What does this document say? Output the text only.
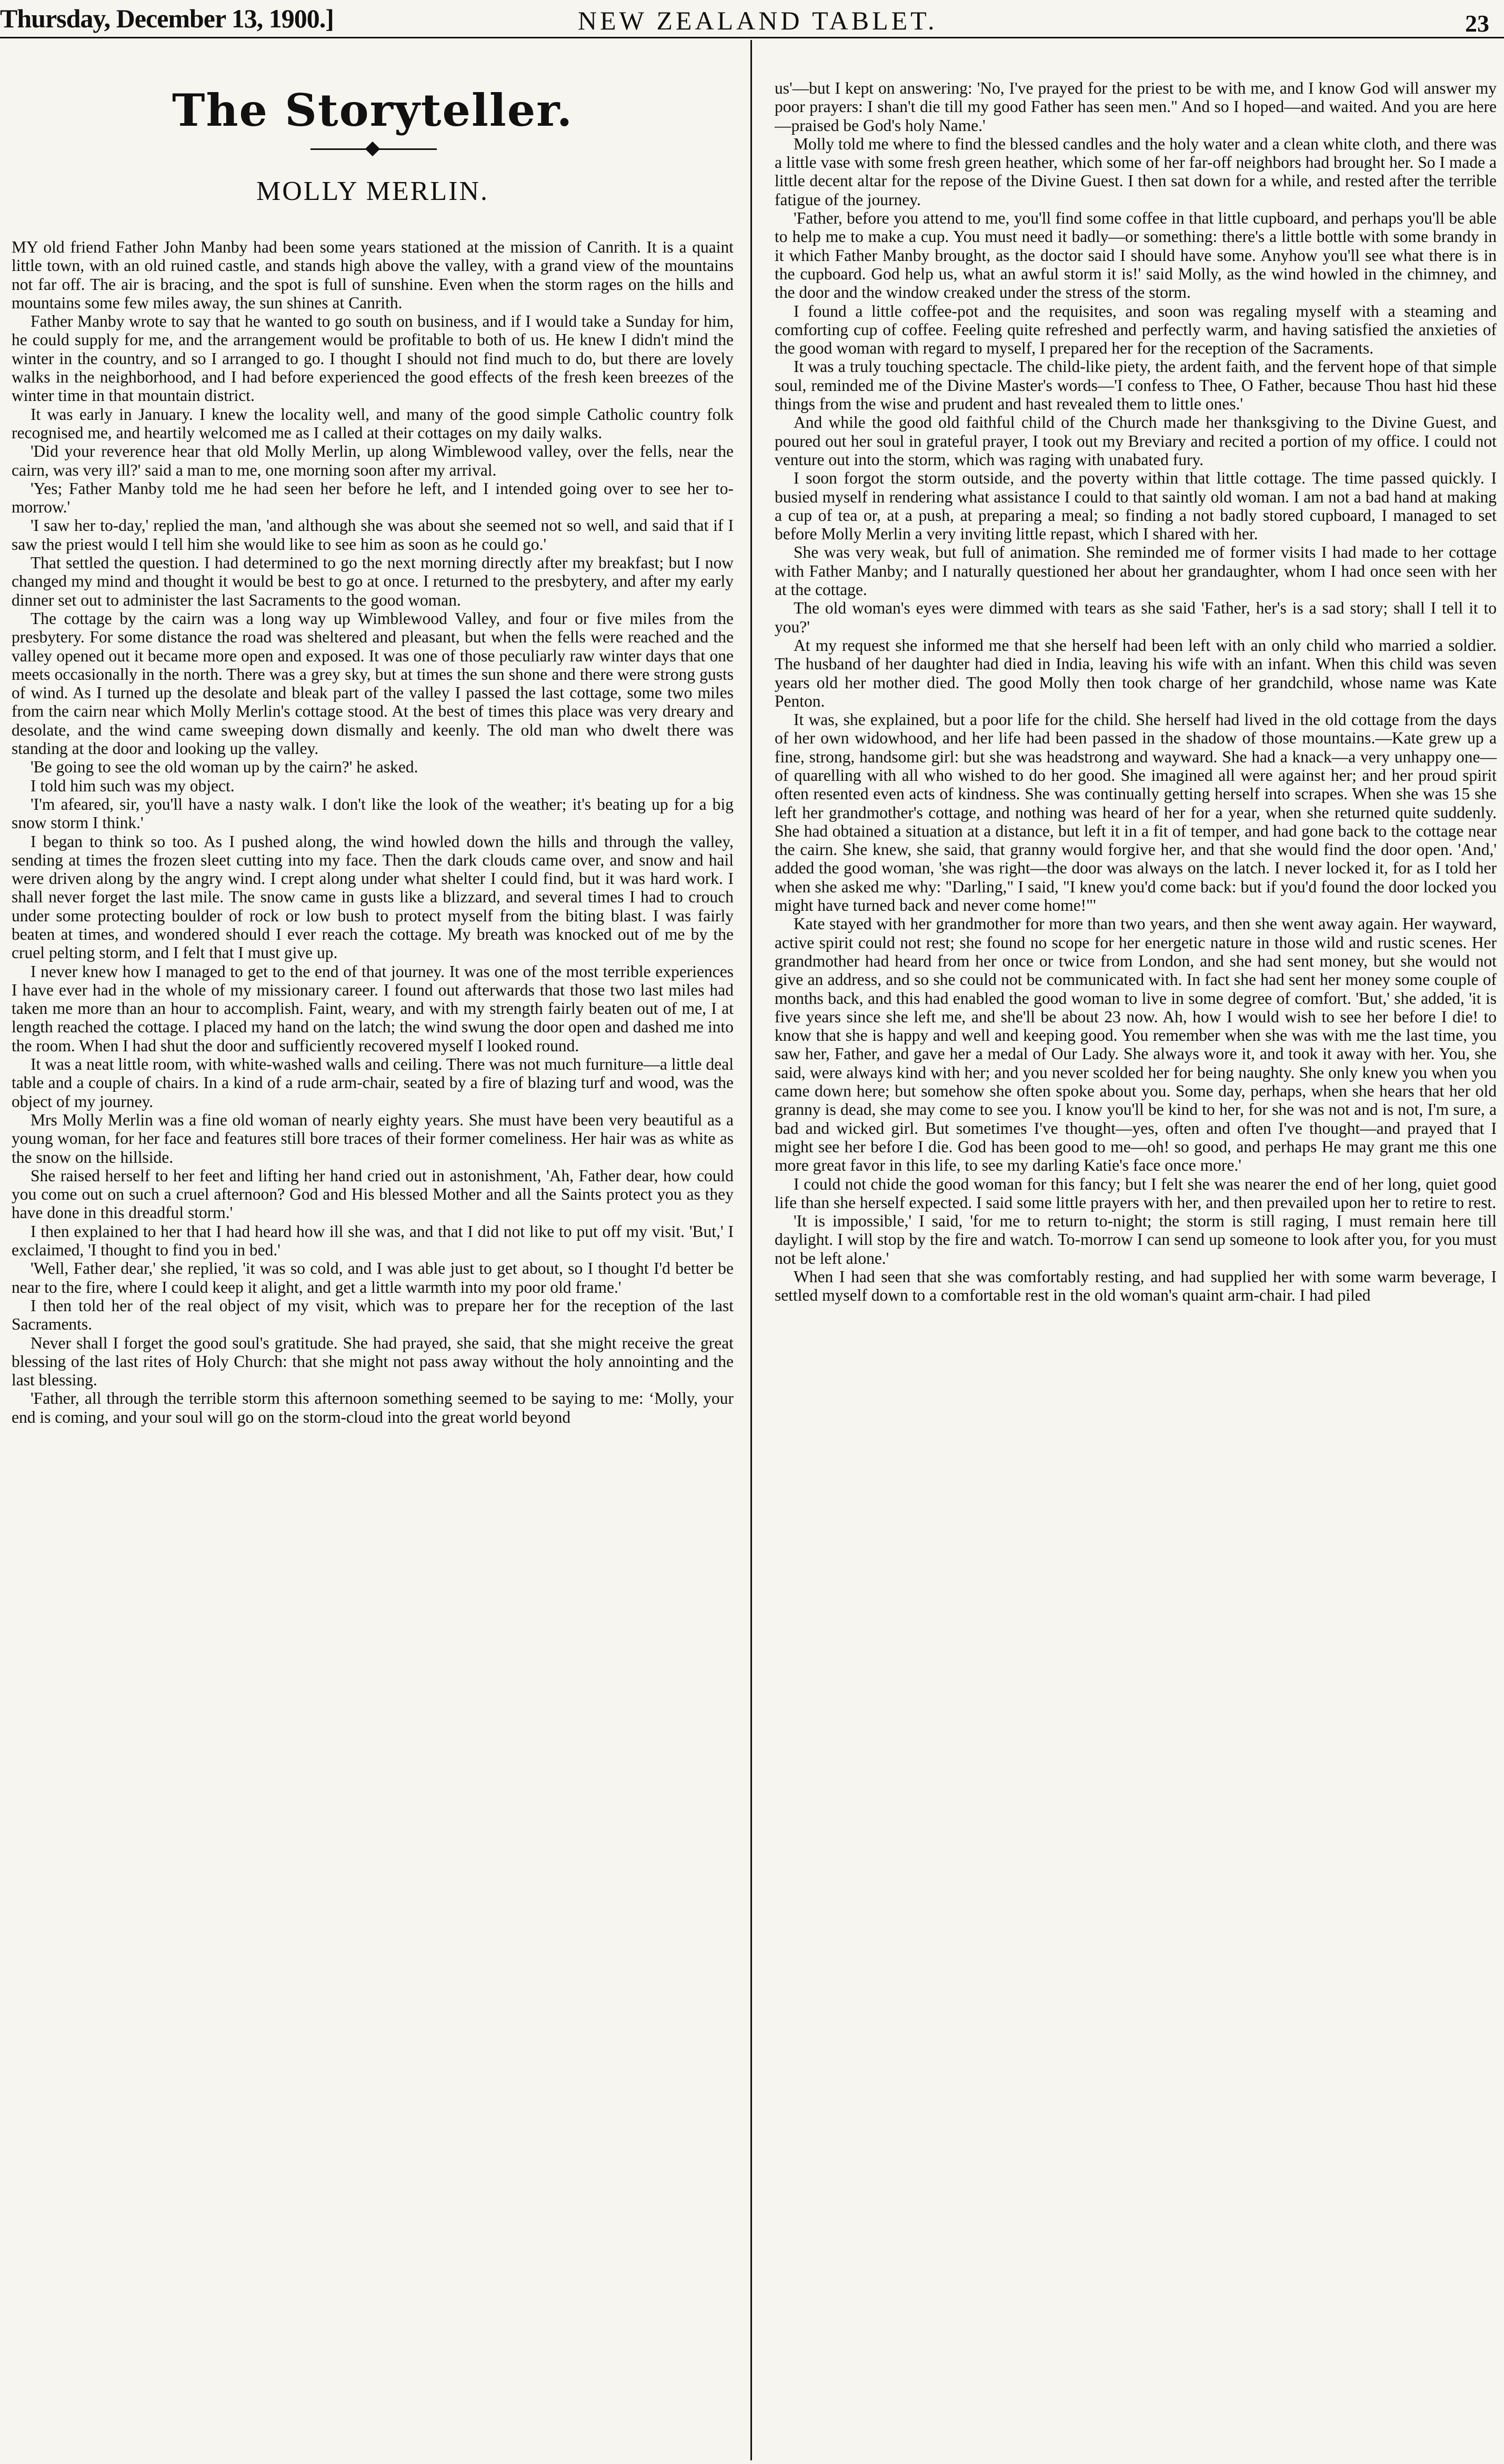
Thursday, December 13, 1900.]	NEW ZEALAND TABLET.	23
The Storyteller.
MOLLY MERLIN.

MY old friend Father John Manby had been some years stationed at the mission of Canrith. It is a quaint little town, with an old ruined castle, and stands high above the valley, with a grand view of the mountains not far off. The air is bracing, and the spot is full of sunshine. Even when the storm rages on the hills and mountains some few miles away, the sun shines at Canrith.

Father Manby wrote to say that he wanted to go south on business, and if I would take a Sunday for him, he could supply for me, and the arrangement would be profitable to both of us. He knew I didn't mind the winter in the country, and so I arranged to go. I thought I should not find much to do, but there are lovely walks in the neighborhood, and I had before experienced the good effects of the fresh keen breezes of the winter time in that mountain district.

It was early in January. I knew the locality well, and many of the good simple Catholic country folk recognised me, and heartily welcomed me as I called at their cottages on my daily walks.

'Did your reverence hear that old Molly Merlin, up along Wimblewood valley, over the fells, near the cairn, was very ill?' said a man to me, one morning soon after my arrival.

'Yes; Father Manby told me he had seen her before he left, and I intended going over to see her to-morrow.'

'I saw her to-day,' replied the man, 'and although she was about she seemed not so well, and said that if I saw the priest would I tell him she would like to see him as soon as he could go.'

That settled the question. I had determined to go the next morning directly after my breakfast; but I now changed my mind and thought it would be best to go at once. I returned to the presbytery, and after my early dinner set out to administer the last Sacraments to the good woman.

The cottage by the cairn was a long way up Wimblewood Valley, and four or five miles from the presbytery. For some distance the road was sheltered and pleasant, but when the fells were reached and the valley opened out it became more open and exposed. It was one of those peculiarly raw winter days that one meets occasionally in the north. There was a grey sky, but at times the sun shone and there were strong gusts of wind. As I turned up the desolate and bleak part of the valley I passed the last cottage, some two miles from the cairn near which Molly Merlin's cottage stood. At the best of times this place was very dreary and desolate, and the wind came sweeping down dismally and keenly. The old man who dwelt there was standing at the door and looking up the valley.

'Be going to see the old woman up by the cairn?' he asked.

I told him such was my object.

'I'm afeared, sir, you'll have a nasty walk. I don't like the look of the weather; it's beating up for a big snow storm I think.'

I began to think so too. As I pushed along, the wind howled down the hills and through the valley, sending at times the frozen sleet cutting into my face. Then the dark clouds came over, and snow and hail were driven along by the angry wind. I crept along under what shelter I could find, but it was hard work. I shall never forget the last mile. The snow came in gusts like a blizzard, and several times I had to crouch under some protecting boulder of rock or low bush to protect myself from the biting blast. I was fairly beaten at times, and wondered should I ever reach the cottage. My breath was knocked out of me by the cruel pelting storm, and I felt that I must give up.

I never knew how I managed to get to the end of that journey. It was one of the most terrible experiences I have ever had in the whole of my missionary career. I found out afterwards that those two last miles had taken me more than an hour to accomplish. Faint, weary, and with my strength fairly beaten out of me, I at length reached the cottage. I placed my hand on the latch; the wind swung the door open and dashed me into the room. When I had shut the door and sufficiently recovered myself I looked round.

It was a neat little room, with white-washed walls and ceiling. There was not much furniture—a little deal table and a couple of chairs. In a kind of a rude arm-chair, seated by a fire of blazing turf and wood, was the object of my journey.

Mrs Molly Merlin was a fine old woman of nearly eighty years. She must have been very beautiful as a young woman, for her face and features still bore traces of their former comeliness. Her hair was as white as the snow on the hillside.

She raised herself to her feet and lifting her hand cried out in astonishment, 'Ah, Father dear, how could you come out on such a cruel afternoon? God and His blessed Mother and all the Saints protect you as they have done in this dreadful storm.'

I then explained to her that I had heard how ill she was, and that I did not like to put off my visit. 'But,' I exclaimed, 'I thought to find you in bed.'

'Well, Father dear,' she replied, 'it was so cold, and I was able just to get about, so I thought I'd better be near to the fire, where I could keep it alight, and get a little warmth into my poor old frame.'

I then told her of the real object of my visit, which was to prepare her for the reception of the last Sacraments.

Never shall I forget the good soul's gratitude. She had prayed, she said, that she might receive the great blessing of the last rites of Holy Church: that she might not pass away without the holy annointing and the last blessing.

'Father, all through the terrible storm this afternoon something seemed to be saying to me: ‘Molly, your end is coming, and your soul will go on the storm-cloud into the great world beyond

us'—but I kept on answering: 'No, I've prayed for the priest to be with me, and I know God will answer my poor prayers: I shan't die till my good Father has seen men." And so I hoped—and waited. And you are here—praised be God's holy Name.'

Molly told me where to find the blessed candles and the holy water and a clean white cloth, and there was a little vase with some fresh green heather, which some of her far-off neighbors had brought her. So I made a little decent altar for the repose of the Divine Guest. I then sat down for a while, and rested after the terrible fatigue of the journey.

'Father, before you attend to me, you'll find some coffee in that little cupboard, and perhaps you'll be able to help me to make a cup. You must need it badly—or something: there's a little bottle with some brandy in it which Father Manby brought, as the doctor said I should have some. Anyhow you'll see what there is in the cupboard. God help us, what an awful storm it is!' said Molly, as the wind howled in the chimney, and the door and the window creaked under the stress of the storm.

I found a little coffee-pot and the requisites, and soon was regaling myself with a steaming and comforting cup of coffee. Feeling quite refreshed and perfectly warm, and having satisfied the anxieties of the good woman with regard to myself, I prepared her for the reception of the Sacraments.

It was a truly touching spectacle. The child-like piety, the ardent faith, and the fervent hope of that simple soul, reminded me of the Divine Master's words—'I confess to Thee, O Father, because Thou hast hid these things from the wise and prudent and hast revealed them to little ones.'

And while the good old faithful child of the Church made her thanksgiving to the Divine Guest, and poured out her soul in grateful prayer, I took out my Breviary and recited a portion of my office. I could not venture out into the storm, which was raging with unabated fury.

I soon forgot the storm outside, and the poverty within that little cottage. The time passed quickly. I busied myself in rendering what assistance I could to that saintly old woman. I am not a bad hand at making a cup of tea or, at a push, at preparing a meal; so finding a not badly stored cupboard, I managed to set before Molly Merlin a very inviting little repast, which I shared with her.

She was very weak, but full of animation. She reminded me of former visits I had made to her cottage with Father Manby; and I naturally questioned her about her grandaughter, whom I had once seen with her at the cottage.

The old woman's eyes were dimmed with tears as she said 'Father, her's is a sad story; shall I tell it to you?'

At my request she informed me that she herself had been left with an only child who married a soldier. The husband of her daughter had died in India, leaving his wife with an infant. When this child was seven years old her mother died. The good Molly then took charge of her grandchild, whose name was Kate Penton.

It was, she explained, but a poor life for the child. She herself had lived in the old cottage from the days of her own widowhood, and her life had been passed in the shadow of those mountains.—Kate grew up a fine, strong, handsome girl: but she was headstrong and wayward. She had a knack—a very unhappy one—of quarelling with all who wished to do her good. She imagined all were against her; and her proud spirit often resented even acts of kindness. She was continually getting herself into scrapes. When she was 15 she left her grandmother's cottage, and nothing was heard of her for a year, when she returned quite suddenly. She had obtained a situation at a distance, but left it in a fit of temper, and had gone back to the cottage near the cairn. She knew, she said, that granny would forgive her, and that she would find the door open. 'And,' added the good woman, 'she was right—the door was always on the latch. I never locked it, for as I told her when she asked me why: "Darling," I said, "I knew you'd come back: but if you'd found the door locked you might have turned back and never come home!"'

Kate stayed with her grandmother for more than two years, and then she went away again. Her wayward, active spirit could not rest; she found no scope for her energetic nature in those wild and rustic scenes. Her grandmother had heard from her once or twice from London, and she had sent money, but she would not give an address, and so she could not be communicated with. In fact she had sent her money some couple of months back, and this had enabled the good woman to live in some degree of comfort. 'But,' she added, 'it is five years since she left me, and she'll be about 23 now. Ah, how I would wish to see her before I die! to know that she is happy and well and keeping good. You remember when she was with me the last time, you saw her, Father, and gave her a medal of Our Lady. She always wore it, and took it away with her. You, she said, were always kind with her; and you never scolded her for being naughty. She only knew you when you came down here; but somehow she often spoke about you. Some day, perhaps, when she hears that her old granny is dead, she may come to see you. I know you'll be kind to her, for she was not and is not, I'm sure, a bad and wicked girl. But sometimes I've thought—yes, often and often I've thought—and prayed that I might see her before I die. God has been good to me—oh! so good, and perhaps He may grant me this one more great favor in this life, to see my darling Katie's face once more.'

I could not chide the good woman for this fancy; but I felt she was nearer the end of her long, quiet good life than she herself expected. I said some little prayers with her, and then prevailed upon her to retire to rest.

'It is impossible,' I said, 'for me to return to-night; the storm is still raging, I must remain here till daylight. I will stop by the fire and watch. To-morrow I can send up someone to look after you, for you must not be left alone.'

When I had seen that she was comfortably resting, and had supplied her with some warm beverage, I settled myself down to a comfortable rest in the old woman's quaint arm-chair. I had piled
